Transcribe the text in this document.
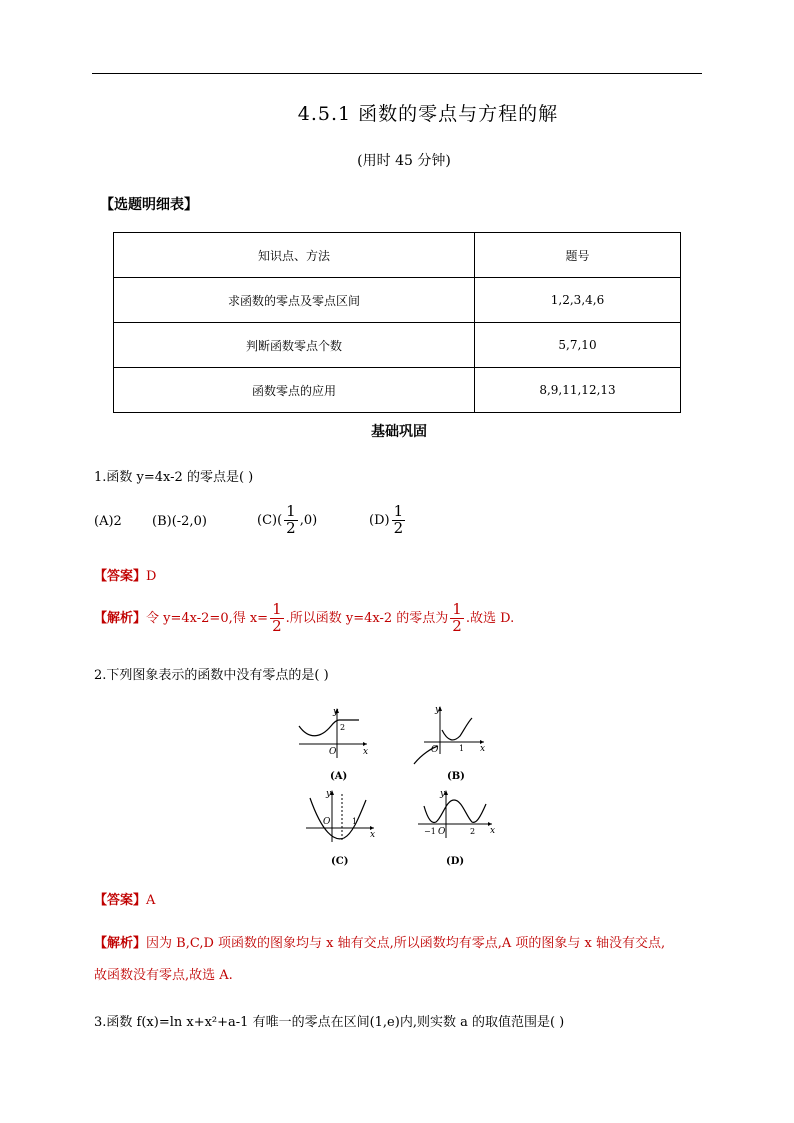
4.5.1 函数的零点与方程的解
(用时 45 分钟)
【选题明细表】
知识点、方法	题号
求函数的零点及零点区间	1,2,3,4,6
判断函数零点个数	5,7,10
函数零点的应用	8,9,11,12,13
基础巩固
1.函数 y=4x-2 的零点是( )
(A)2 (B)(-2,0)	$(C)( \frac{1}{2} ,0)$	$(D) \frac{1}{2}$
【答案】D
【解析】令 y=4x-2=0,得 $x= \frac{1}{2}$ .所以函数 y=4x-2 的零点为 $\frac{1}{2}$ .故选 D.
2.下列图象表示的函数中没有零点的是( )
y
x
O
2
(A)
y
x
O	1
(B)
y
x
O	1
(C)
y
x
O
−1	2
(D)
【答案】A
【解析】因为 B,C,D 项函数的图象均与 x 轴有交点,所以函数均有零点,A 项的图象与 x 轴没有交点,
故函数没有零点,故选 A.
3.函数 f(x)=ln x+x²+a-1 有唯一的零点在区间(1,e)内,则实数 a 的取值范围是( )
